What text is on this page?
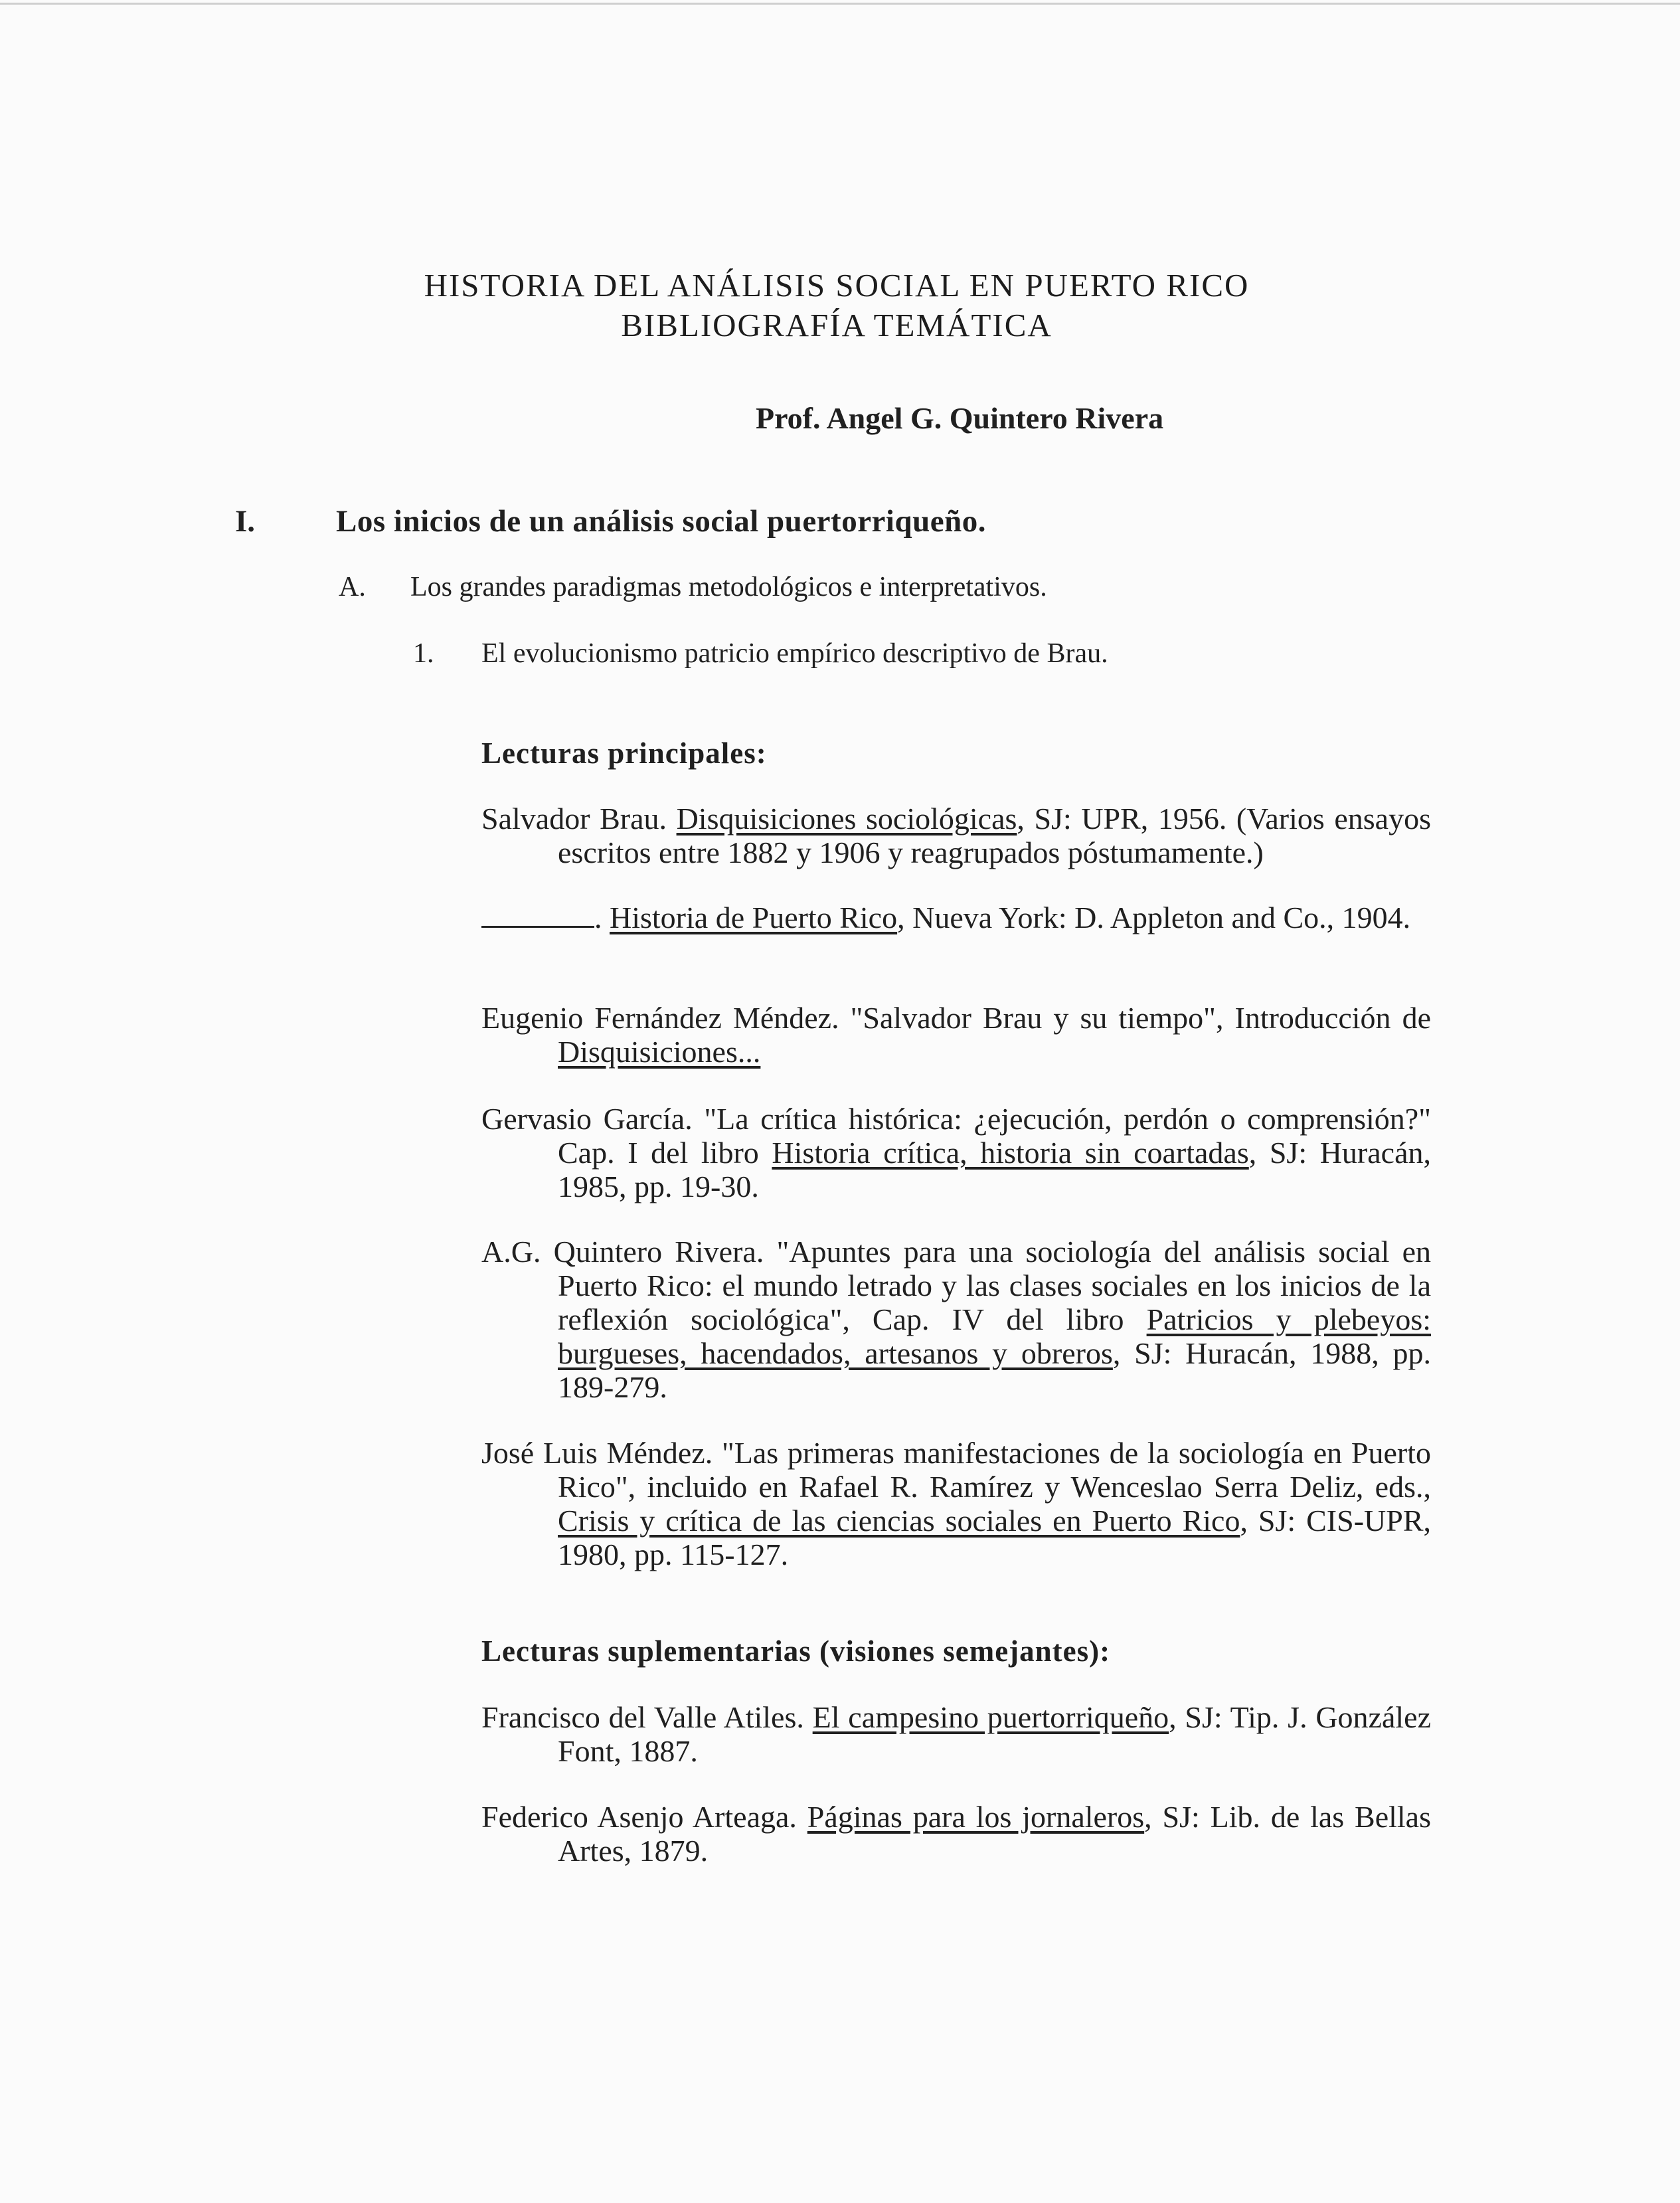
HISTORIA DEL ANÁLISIS SOCIAL EN PUERTO RICO
BIBLIOGRAFÍA TEMÁTICA
Prof. Angel G. Quintero Rivera
I.	Los inicios de un análisis social puertorriqueño.
A. Los grandes paradigmas metodológicos e interpretativos.
1. El evolucionismo patricio empírico descriptivo de Brau.
Lecturas principales:
Salvador Brau. Disquisiciones sociológicas, SJ: UPR, 1956. (Varios ensayos escritos entre 1882 y 1906 y reagrupados póstumamente.)
. Historia de Puerto Rico, Nueva York: D. Appleton and Co., 1904.
Eugenio Fernández Méndez. "Salvador Brau y su tiempo", Introducción de Disquisiciones...
Gervasio García. "La crítica histórica: ¿ejecución, perdón o comprensión?" Cap. I del libro Historia crítica, historia sin coartadas, SJ: Huracán, 1985, pp. 19-30.
A.G. Quintero Rivera. "Apuntes para una sociología del análisis social en Puerto Rico: el mundo letrado y las clases sociales en los inicios de la reflexión sociológica", Cap. IV del libro Patricios y plebeyos: burgueses, hacendados, artesanos y obreros, SJ: Huracán, 1988, pp. 189-279.
José Luis Méndez. "Las primeras manifestaciones de la sociología en Puerto Rico", incluido en Rafael R. Ramírez y Wenceslao Serra Deliz, eds., Crisis y crítica de las ciencias sociales en Puerto Rico, SJ: CIS-UPR, 1980, pp. 115-127.
Lecturas suplementarias (visiones semejantes):
Francisco del Valle Atiles. El campesino puertorriqueño, SJ: Tip. J. González Font, 1887.
Federico Asenjo Arteaga. Páginas para los jornaleros, SJ: Lib. de las Bellas Artes, 1879.
